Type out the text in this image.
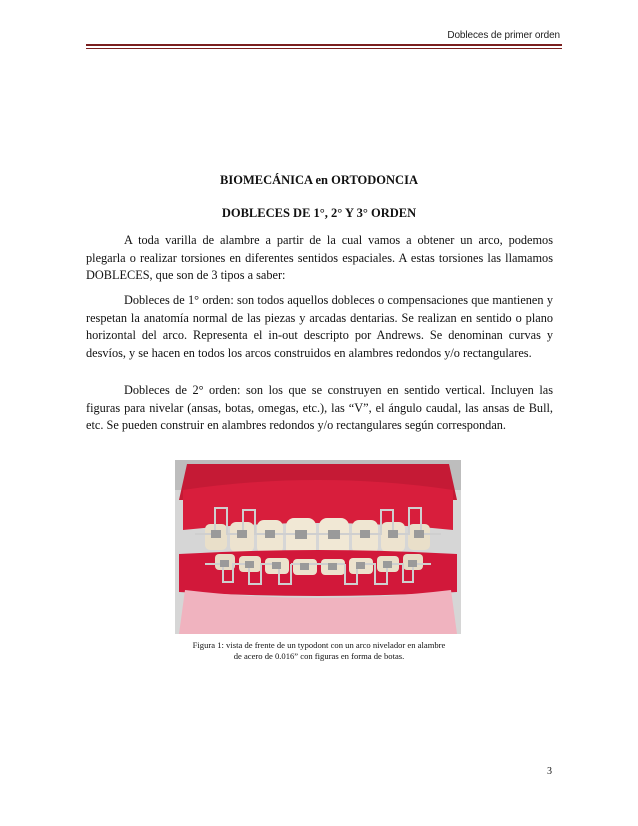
Dobleces de primer orden
BIOMECÁNICA en ORTODONCIA
DOBLECES DE 1°, 2° Y 3° ORDEN

A toda varilla de alambre a partir de la cual vamos a obtener un arco, podemos plegarla o realizar torsiones en diferentes sentidos espaciales. A estas torsiones las llamamos DOBLECES, que son de 3 tipos a saber:

Dobleces de 1° orden: son todos aquellos dobleces o compensaciones que mantienen y respetan la anatomía normal de las piezas y arcadas dentarias. Se realizan en sentido o plano horizontal del arco. Representa el in-out descripto por Andrews. Se denominan curvas y desvíos, y se hacen en todos los arcos construidos en alambres redondos y/o rectangulares.

Dobleces de 2° orden: son los que se construyen en sentido vertical. Incluyen las figuras para nivelar (ansas, botas, omegas, etc.), las “V”, el ángulo caudal, las ansas de Bull, etc. Se pueden construir en alambres redondos y/o rectangulares según correspondan.

Figura 1: vista de frente de un typodont con un arco nivelador en alambre
de acero de 0.016” con figuras en forma de botas.
3
